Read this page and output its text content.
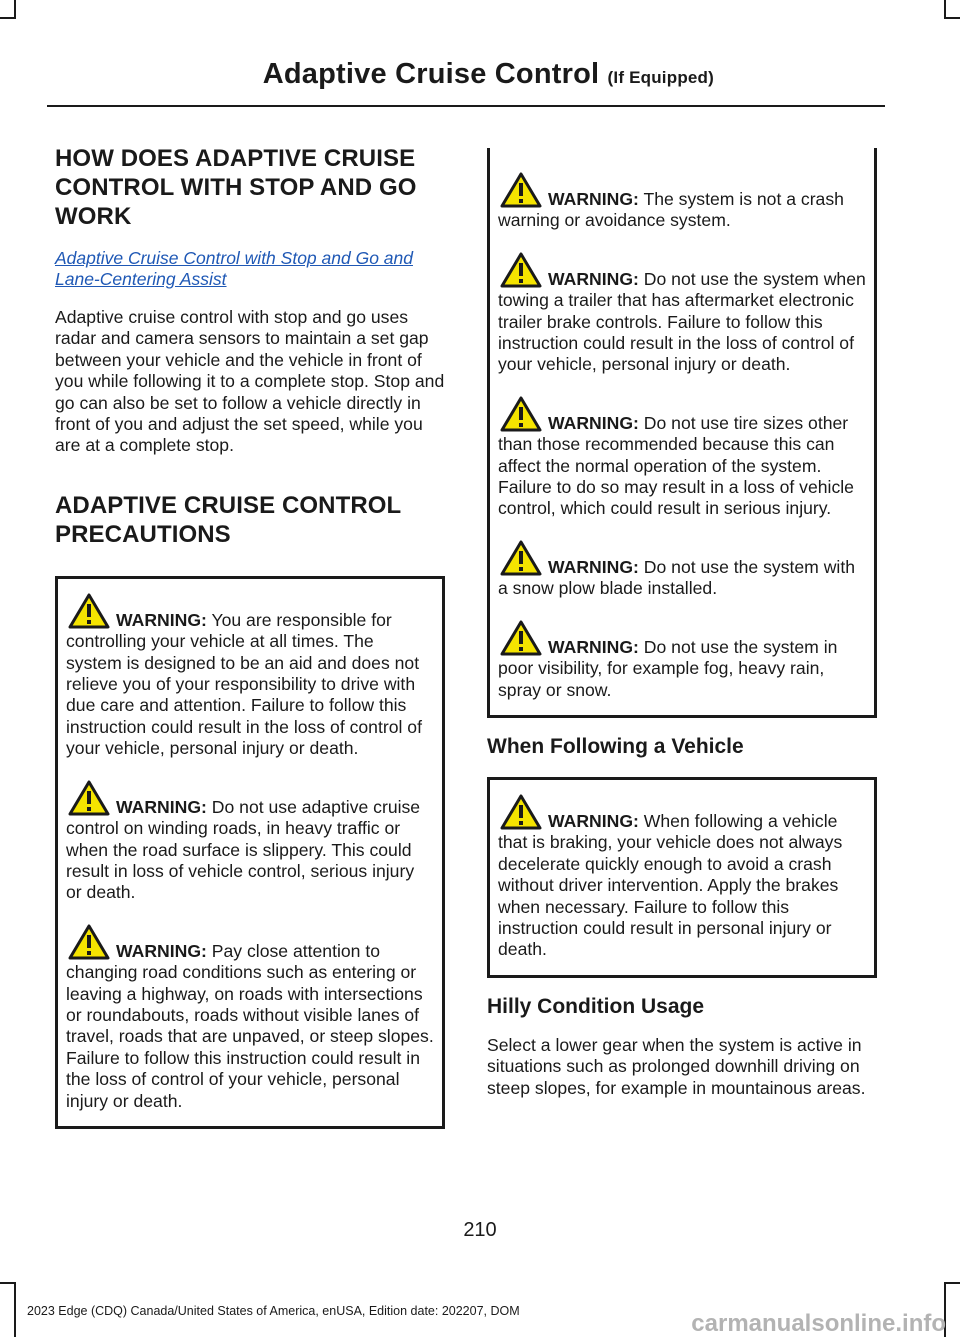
Adaptive Cruise Control (If Equipped)
HOW DOES ADAPTIVE CRUISE CONTROL WITH STOP AND GO WORK
Adaptive Cruise Control with Stop and Go and Lane-Centering Assist

Adaptive cruise control with stop and go uses radar and camera sensors to maintain a set gap between your vehicle and the vehicle in front of you while following it to a complete stop. Stop and go can also be set to follow a vehicle directly in front of you and adjust the set speed, while you are at a complete stop.

ADAPTIVE CRUISE CONTROL PRECAUTIONS

WARNING: You are responsible for controlling your vehicle at all times. The system is designed to be an aid and does not relieve you of your responsibility to drive with due care and attention. Failure to follow this instruction could result in the loss of control of your vehicle, personal injury or death.

WARNING: Do not use adaptive cruise control on winding roads, in heavy traffic or when the road surface is slippery. This could result in loss of vehicle control, serious injury or death.

WARNING: Pay close attention to changing road conditions such as entering or leaving a highway, on roads with intersections or roundabouts, roads without visible lanes of travel, roads that are unpaved, or steep slopes. Failure to follow this instruction could result in the loss of control of your vehicle, personal injury or death.

WARNING: The system is not a crash warning or avoidance system.

WARNING: Do not use the system when towing a trailer that has aftermarket electronic trailer brake controls. Failure to follow this instruction could result in the loss of control of your vehicle, personal injury or death.

WARNING: Do not use tire sizes other than those recommended because this can affect the normal operation of the system. Failure to do so may result in a loss of vehicle control, which could result in serious injury.

WARNING: Do not use the system with a snow plow blade installed.

WARNING: Do not use the system in poor visibility, for example fog, heavy rain, spray or snow.

When Following a Vehicle

WARNING: When following a vehicle that is braking, your vehicle does not always decelerate quickly enough to avoid a crash without driver intervention. Apply the brakes when necessary. Failure to follow this instruction could result in personal injury or death.

Hilly Condition Usage

Select a lower gear when the system is active in situations such as prolonged downhill driving on steep slopes, for example in mountainous areas.

210
2023 Edge (CDQ) Canada/United States of America, enUSA, Edition date: 202207, DOM	carmanualsonline.info
